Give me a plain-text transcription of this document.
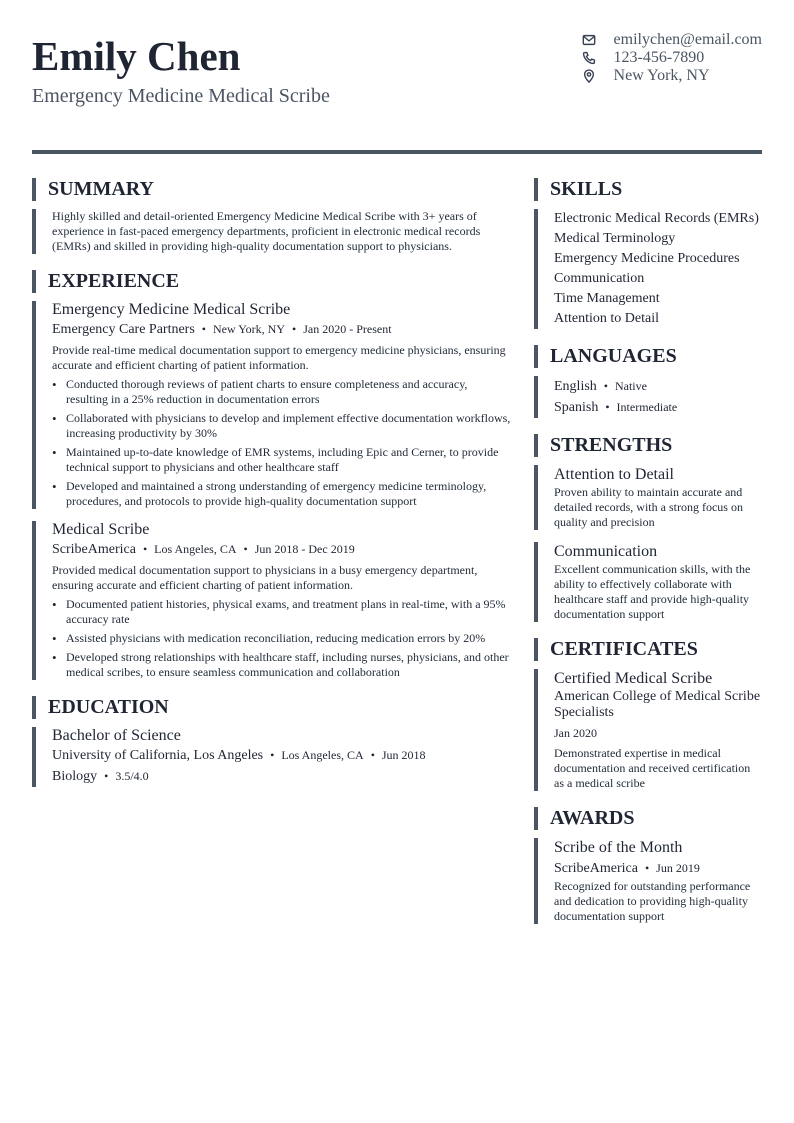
Emily Chen
Emergency Medicine Medical Scribe
emilychen@email.com
123-456-7890
New York, NY
SUMMARY
Highly skilled and detail-oriented Emergency Medicine Medical Scribe with 3+ years of experience in fast-paced emergency departments, proficient in electronic medical records (EMRs) and skilled in providing high-quality documentation support to physicians.
EXPERIENCE
Emergency Medicine Medical Scribe
Emergency Care Partners • New York, NY • Jan 2020 - Present
Provide real-time medical documentation support to emergency medicine physicians, ensuring accurate and efficient charting of patient information.
• Conducted thorough reviews of patient charts to ensure completeness and accuracy, resulting in a 25% reduction in documentation errors
• Collaborated with physicians to develop and implement effective documentation workflows, increasing productivity by 30%
• Maintained up-to-date knowledge of EMR systems, including Epic and Cerner, to provide technical support to physicians and other healthcare staff
• Developed and maintained a strong understanding of emergency medicine terminology, procedures, and protocols to provide high-quality documentation support
Medical Scribe
ScribeAmerica • Los Angeles, CA • Jun 2018 - Dec 2019
Provided medical documentation support to physicians in a busy emergency department, ensuring accurate and efficient charting of patient information.
• Documented patient histories, physical exams, and treatment plans in real-time, with a 95% accuracy rate
• Assisted physicians with medication reconciliation, reducing medication errors by 20%
• Developed strong relationships with healthcare staff, including nurses, physicians, and other medical scribes, to ensure seamless communication and collaboration
EDUCATION
Bachelor of Science
University of California, Los Angeles • Los Angeles, CA • Jun 2018
Biology • 3.5/4.0
SKILLS
Electronic Medical Records (EMRs)
Medical Terminology
Emergency Medicine Procedures
Communication
Time Management
Attention to Detail
LANGUAGES
English • Native
Spanish • Intermediate
STRENGTHS
Attention to Detail
Proven ability to maintain accurate and detailed records, with a strong focus on quality and precision
Communication
Excellent communication skills, with the ability to effectively collaborate with healthcare staff and provide high-quality documentation support
CERTIFICATES
Certified Medical Scribe
American College of Medical Scribe Specialists
Jan 2020
Demonstrated expertise in medical documentation and received certification as a medical scribe
AWARDS
Scribe of the Month
ScribeAmerica • Jun 2019
Recognized for outstanding performance and dedication to providing high-quality documentation support
